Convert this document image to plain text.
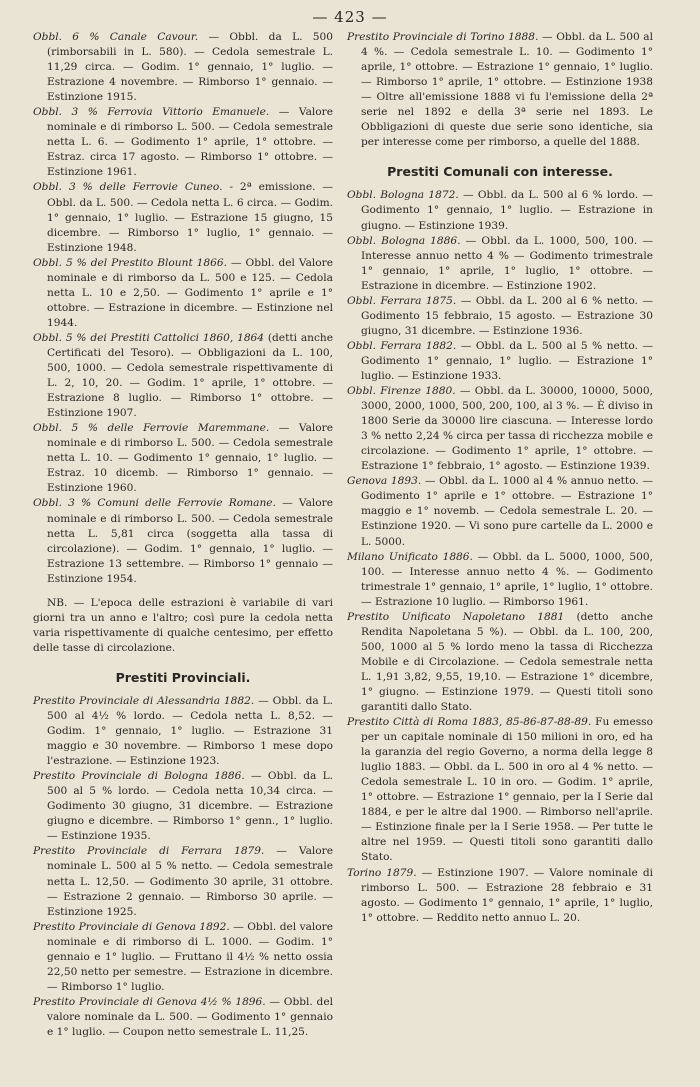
— 423 —

Obbl. 6 % Canale Cavour. — Obbl. da L. 500 (rimborsabili in L. 580). — Cedola semestrale L. 11,29 circa. — Godim. 1° gennaio, 1° luglio. — Estrazione 4 novembre. — Rimborso 1° gennaio. — Estinzione 1915.

Obbl. 3 % Ferrovia Vittorio Emanuele. — Valore nominale e di rimborso L. 500. — Cedola semestrale netta L. 6. — Godimento 1° aprile, 1° ottobre. — Estraz. circa 17 agosto. — Rimborso 1° ottobre. — Estinzione 1961.

Obbl. 3 % delle Ferrovie Cuneo. - 2ª emissione. — Obbl. da L. 500. — Cedola netta L. 6 circa. — Godim. 1° gennaio, 1° luglio. — Estrazione 15 giugno, 15 dicembre. — Rimborso 1° luglio, 1° gennaio. — Estinzione 1948.

Obbl. 5 % del Prestito Blount 1866. — Obbl. del Valore nominale e di rimborso da L. 500 e 125. — Cedola netta L. 10 e 2,50. — Godimento 1° aprile e 1° ottobre. — Estrazione in dicembre. — Estinzione nel 1944.

Obbl. 5 % dei Prestiti Cattolici 1860, 1864 (detti anche Certificati del Tesoro). — Obbligazioni da L. 100, 500, 1000. — Cedola semestrale rispettivamente di L. 2, 10, 20. — Godim. 1° aprile, 1° ottobre. — Estrazione 8 luglio. — Rimborso 1° ottobre. — Estinzione 1907.

Obbl. 5 % delle Ferrovie Maremmane. — Valore nominale e di rimborso L. 500. — Cedola semestrale netta L. 10. — Godimento 1° gennaio, 1° luglio. — Estraz. 10 dicemb. — Rimborso 1° gennaio. — Estinzione 1960.

Obbl. 3 % Comuni delle Ferrovie Romane. — Valore nominale e di rimborso L. 500. — Cedola semestrale netta L. 5,81 circa (soggetta alla tassa di circolazione). — Godim. 1° gennaio, 1° luglio. — Estrazione 13 settembre. — Rimborso 1° gennaio — Estinzione 1954.

NB. — L'epoca delle estrazioni è variabile di vari giorni tra un anno e l'altro; così pure la cedola netta varia rispettivamente di qualche centesimo, per effetto delle tasse di circolazione.

Prestiti Provinciali.

Prestito Provinciale di Alessandria 1882. — Obbl. da L. 500 al 4½ % lordo. — Cedola netta L. 8,52. — Godim. 1° gennaio, 1° luglio. — Estrazione 31 maggio e 30 novembre. — Rimborso 1 mese dopo l'estrazione. — Estinzione 1923.

Prestito Provinciale di Bologna 1886. — Obbl. da L. 500 al 5 % lordo. — Cedola netta 10,34 circa. — Godimento 30 giugno, 31 dicembre. — Estrazione giugno e dicembre. — Rimborso 1° genn., 1° luglio. — Estinzione 1935.

Prestito Provinciale di Ferrara 1879. — Valore nominale L. 500 al 5 % netto. — Cedola semestrale netta L. 12,50. — Godimento 30 aprile, 31 ottobre. — Estrazione 2 gennaio. — Rimborso 30 aprile. — Estinzione 1925.

Prestito Provinciale di Genova 1892. — Obbl. del valore nominale e di rimborso di L. 1000. — Godim. 1° gennaio e 1° luglio. — Fruttano il 4½ % netto ossia 22,50 netto per semestre. — Estrazione in dicembre. — Rimborso 1° luglio.

Prestito Provinciale di Genova 4½ % 1896. — Obbl. del valore nominale da L. 500. — Godimento 1° gennaio e 1° luglio. — Coupon netto semestrale L. 11,25.

Prestito Provinciale di Torino 1888. — Obbl. da L. 500 al 4 %. — Cedola semestrale L. 10. — Godimento 1° aprile, 1° ottobre. — Estrazione 1° gennaio, 1° luglio. — Rimborso 1° aprile, 1° ottobre. — Estinzione 1938 — Oltre all'emissione 1888 vi fu l'emissione della 2ª serie nel 1892 e della 3ª serie nel 1893. Le Obbligazioni di queste due serie sono identiche, sia per interesse come per rimborso, a quelle del 1888.

Prestiti Comunali con interesse.

Obbl. Bologna 1872. — Obbl. da L. 500 al 6 % lordo. — Godimento 1° gennaio, 1° luglio. — Estrazione in giugno. — Estinzione 1939.

Obbl. Bologna 1886. — Obbl. da L. 1000, 500, 100. — Interesse annuo netto 4 % — Godimento trimestrale 1° gennaio, 1° aprile, 1° luglio, 1° ottobre. — Estrazione in dicembre. — Estinzione 1902.

Obbl. Ferrara 1875. — Obbl. da L. 200 al 6 % netto. — Godimento 15 febbraio, 15 agosto. — Estrazione 30 giugno, 31 dicembre. — Estinzione 1936.

Obbl. Ferrara 1882. — Obbl. da L. 500 al 5 % netto. — Godimento 1° gennaio, 1° luglio. — Estrazione 1° luglio. — Estinzione 1933.

Obbl. Firenze 1880. — Obbl. da L. 30000, 10000, 5000, 3000, 2000, 1000, 500, 200, 100, al 3 %. — È diviso in 1800 Serie da 30000 lire ciascuna. — Interesse lordo 3 % netto 2,24 % circa per tassa di ricchezza mobile e circolazione. — Godimento 1° aprile, 1° ottobre. — Estrazione 1° febbraio, 1° agosto. — Estinzione 1939.

Genova 1893. — Obbl. da L. 1000 al 4 % annuo netto. — Godimento 1° aprile e 1° ottobre. — Estrazione 1° maggio e 1° novemb. — Cedola semestrale L. 20. — Estinzione 1920. — Vi sono pure cartelle da L. 2000 e L. 5000.

Milano Unificato 1886. — Obbl. da L. 5000, 1000, 500, 100. — Interesse annuo netto 4 %. — Godimento trimestrale 1° gennaio, 1° aprile, 1° luglio, 1° ottobre. — Estrazione 10 luglio. — Rimborso 1961.

Prestito Unificato Napoletano 1881 (detto anche Rendita Napoletana 5 %). — Obbl. da L. 100, 200, 500, 1000 al 5 % lordo meno la tassa di Ricchezza Mobile e di Circolazione. — Cedola semestrale netta L. 1,91 3,82, 9,55, 19,10. — Estrazione 1° dicembre, 1° giugno. — Estinzione 1979. — Questi titoli sono garantiti dallo Stato.

Prestito Città di Roma 1883, 85-86-87-88-89. Fu emesso per un capitale nominale di 150 milioni in oro, ed ha la garanzia del regio Governo, a norma della legge 8 luglio 1883. — Obbl. da L. 500 in oro al 4 % netto. — Cedola semestrale L. 10 in oro. — Godim. 1° aprile, 1° ottobre. — Estrazione 1° gennaio, per la I Serie dal 1884, e per le altre dal 1900. — Rimborso nell'aprile. — Estinzione finale per la I Serie 1958. — Per tutte le altre nel 1959. — Questi titoli sono garantiti dallo Stato.

Torino 1879. — Estinzione 1907. — Valore nominale di rimborso L. 500. — Estrazione 28 febbraio e 31 agosto. — Godimento 1° gennaio, 1° aprile, 1° luglio, 1° ottobre. — Reddito netto annuo L. 20.
